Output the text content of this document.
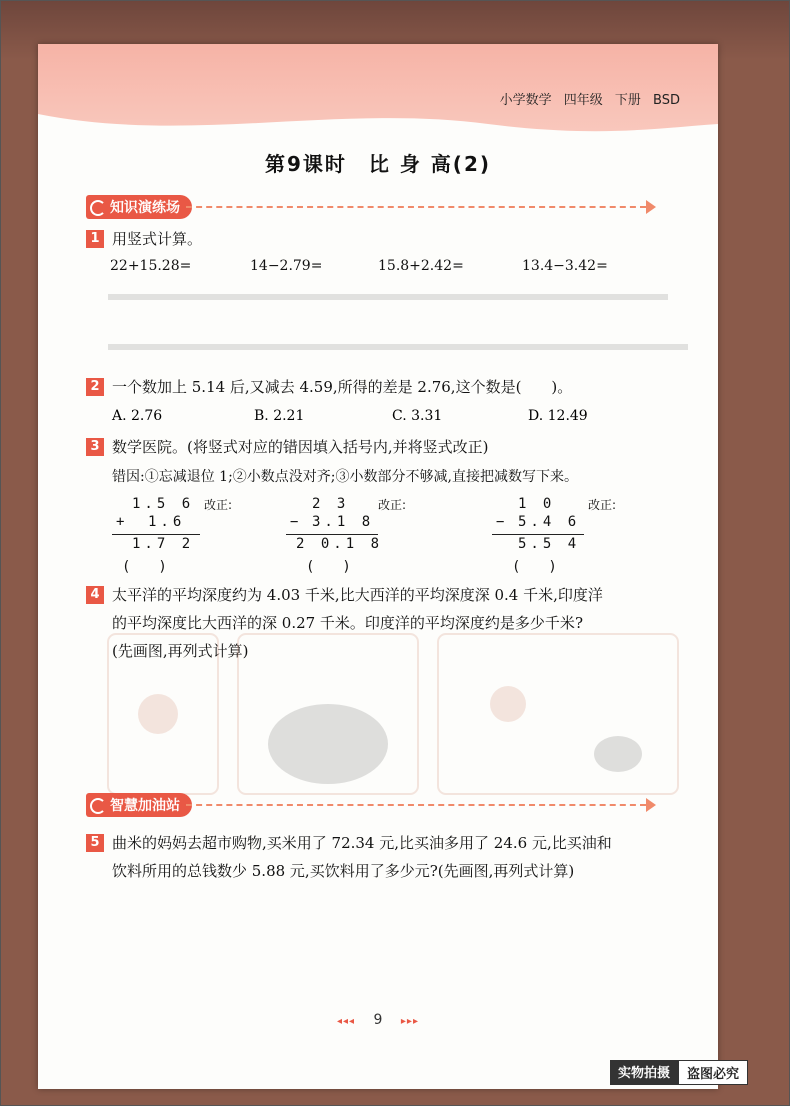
小学数学 四年级 下册 BSD
第9课时　比 身 高(2)
知识演练场
1 用竖式计算。
22+15.28=	14−2.79=	15.8+2.42=	13.4−3.42=
2 一个数加上 5.14 后,又减去 4.59,所得的差是 2.76,这个数是(　　)。
A. 2.76	B. 2.21	C. 3.31	D. 12.49
3 数学医院。(将竖式对应的错因填入括号内,并将竖式改正)
错因:①忘减退位 1;②小数点没对齐;③小数部分不够减,直接把减数写下来。
1.5 6 改正:
+ 1.6
1.7 2
(　　)
2 3 改正:
− 3.1 8
2 0.1 8
(　　)
1 0	改正:
− 5.4 6
5.5 4
(　　)
4 太平洋的平均深度约为 4.03 千米,比大西洋的平均深度深 0.4 千米,印度洋
的平均深度比大西洋的深 0.27 千米。印度洋的平均深度约是多少千米?
(先画图,再列式计算)
智慧加油站
5 曲米的妈妈去超市购物,买米用了 72.34 元,比买油多用了 24.6 元,比买油和
饮料所用的总钱数少 5.88 元,买饮料用了多少元?(先画图,再列式计算)
◂◂◂ 9 ▸▸▸
实物拍摄	盗图必究
